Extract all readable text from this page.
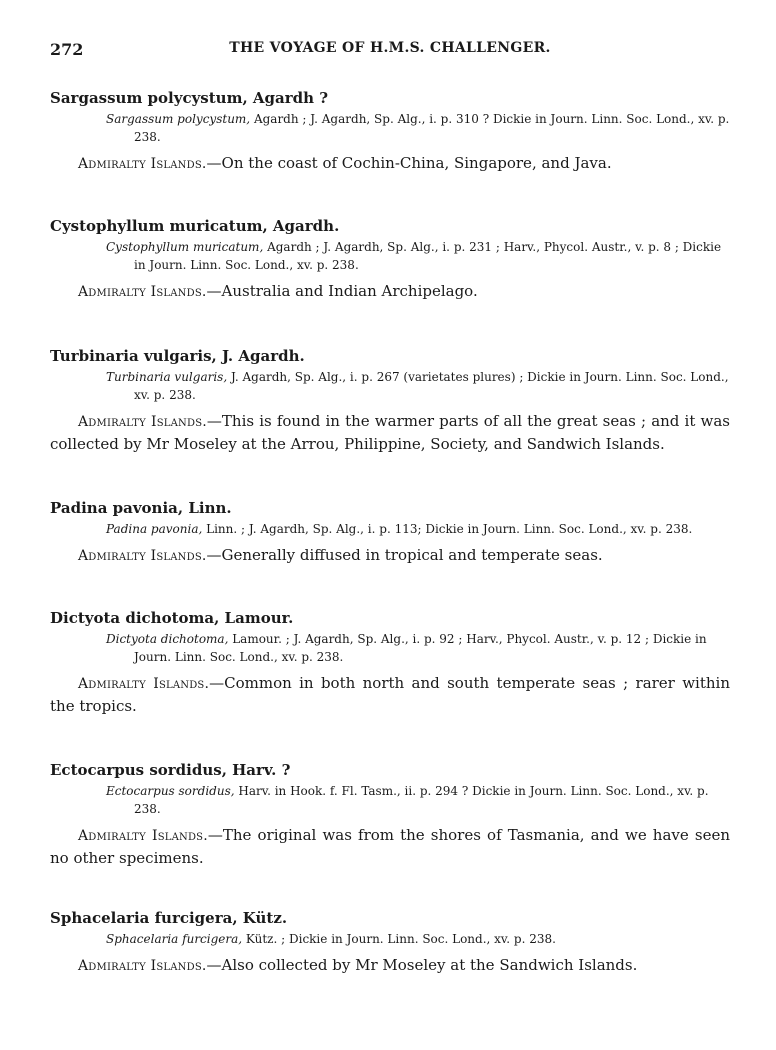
272	THE VOYAGE OF H.M.S. CHALLENGER.
Sargassum polycystum, Agardh ?
Sargassum polycystum, Agardh ; J. Agardh, Sp. Alg., i. p. 310 ? Dickie in Journ. Linn. Soc. Lond., xv. p. 238.
Admiralty Islands.—On the coast of Cochin-China, Singapore, and Java.
Cystophyllum muricatum, Agardh.
Cystophyllum muricatum, Agardh ; J. Agardh, Sp. Alg., i. p. 231 ; Harv., Phycol. Austr., v. p. 8 ; Dickie in Journ. Linn. Soc. Lond., xv. p. 238.
Admiralty Islands.—Australia and Indian Archipelago.
Turbinaria vulgaris, J. Agardh.
Turbinaria vulgaris, J. Agardh, Sp. Alg., i. p. 267 (varietates plures) ; Dickie in Journ. Linn. Soc. Lond., xv. p. 238.
Admiralty Islands.—This is found in the warmer parts of all the great seas ; and it was collected by Mr Moseley at the Arrou, Philippine, Society, and Sandwich Islands.
Padina pavonia, Linn.
Padina pavonia, Linn. ; J. Agardh, Sp. Alg., i. p. 113; Dickie in Journ. Linn. Soc. Lond., xv. p. 238.
Admiralty Islands.—Generally diffused in tropical and temperate seas.
Dictyota dichotoma, Lamour.
Dictyota dichotoma, Lamour. ; J. Agardh, Sp. Alg., i. p. 92 ; Harv., Phycol. Austr., v. p. 12 ; Dickie in Journ. Linn. Soc. Lond., xv. p. 238.
Admiralty Islands.—Common in both north and south temperate seas ; rarer within the tropics.
Ectocarpus sordidus, Harv. ?
Ectocarpus sordidus, Harv. in Hook. f. Fl. Tasm., ii. p. 294 ? Dickie in Journ. Linn. Soc. Lond., xv. p. 238.
Admiralty Islands.—The original was from the shores of Tasmania, and we have seen no other specimens.
Sphacelaria furcigera, Kütz.
Sphacelaria furcigera, Kütz. ; Dickie in Journ. Linn. Soc. Lond., xv. p. 238.
Admiralty Islands.—Also collected by Mr Moseley at the Sandwich Islands.
